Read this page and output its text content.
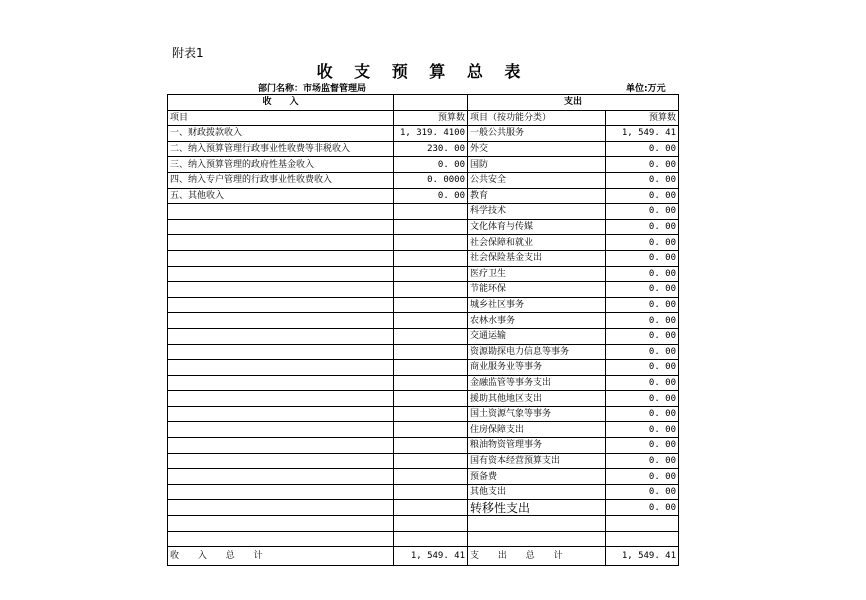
附表1
收 支 预 算 总 表
部门名称：市场监督管理局	单位:万元
收　　入		支出	
项目	预算数	项目（按功能分类）	预算数
一、财政拨款收入	1, 319. 4100	一般公共服务	1, 549. 41
二、纳入预算管理行政事业性收费等非税收入	230. 00	外交	0. 00
三、纳入预算管理的政府性基金收入	0. 00	国防	0. 00
四、纳入专户管理的行政事业性收费收入	0. 0000	公共安全	0. 00
五、其他收入	0. 00	教育	0. 00
		科学技术	0. 00
		文化体育与传媒	0. 00
		社会保障和就业	0. 00
		社会保险基金支出	0. 00
		医疗卫生	0. 00
		节能环保	0. 00
		城乡社区事务	0. 00
		农林水事务	0. 00
		交通运输	0. 00
		资源勘探电力信息等事务	0. 00
		商业服务业等事务	0. 00
		金融监管等事务支出	0. 00
		援助其他地区支出	0. 00
		国土资源气象等事务	0. 00
		住房保障支出	0. 00
		粮油物资管理事务	0. 00
		国有资本经营预算支出	0. 00
		预备费	0. 00
		其他支出	0. 00
		转移性支出	0. 00

收 入 总 计	1, 549. 41	支 出 总 计	1, 549. 41
